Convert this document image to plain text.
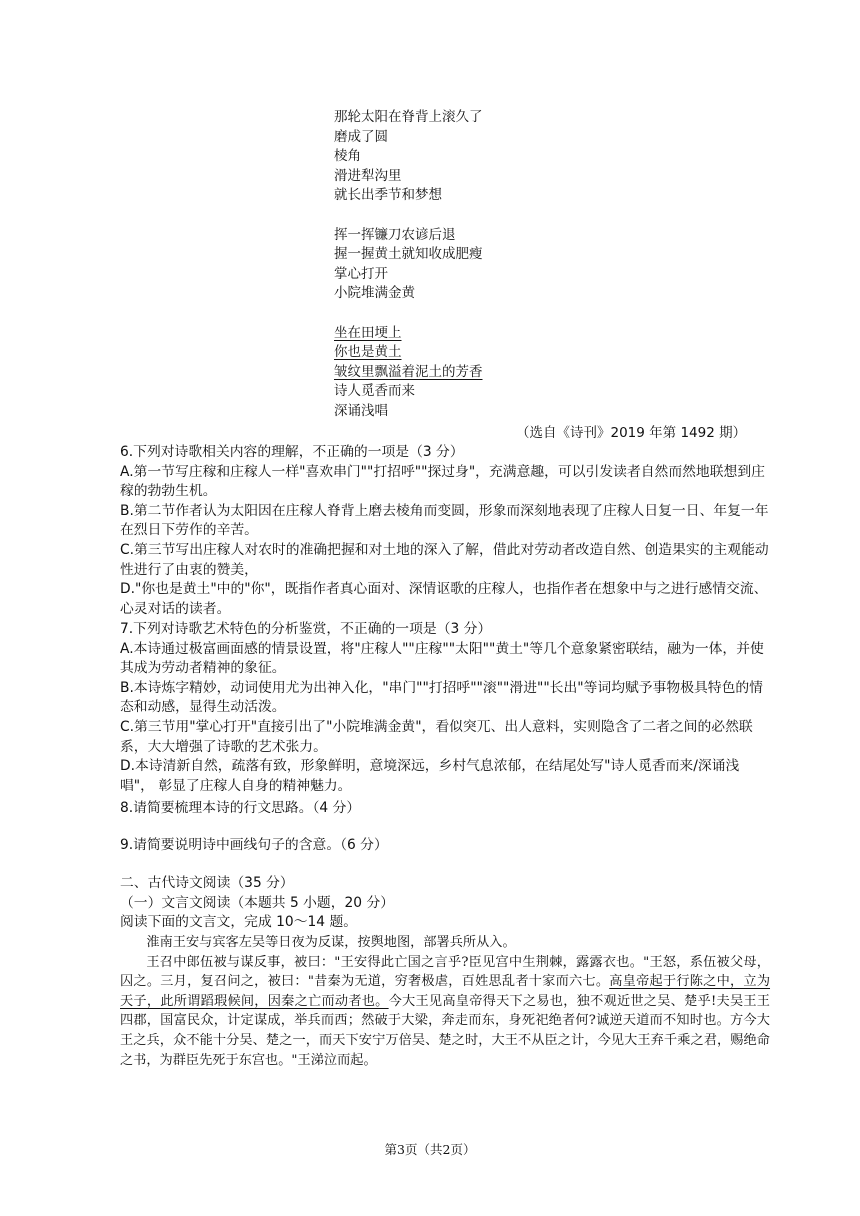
那轮太阳在脊背上滚久了
磨成了圆
棱角
滑进犁沟里
就长出季节和梦想
挥一挥镰刀农谚后退
握一握黄土就知收成肥瘦
掌心打开
小院堆满金黄
坐在田埂上
你也是黄土
皱纹里飘溢着泥土的芳香
诗人觅香而来
深诵浅唱
（选自《诗刊》2019 年第 1492 期）

6.下列对诗歌相关内容的理解，不正确的一项是（3 分）

A.第一节写庄稼和庄稼人一样"喜欢串门""打招呼""探过身"，充满意趣，可以引发读者自然而然地联想到庄稼的勃勃生机。

B.第二节作者认为太阳因在庄稼人脊背上磨去棱角而变圆，形象而深刻地表现了庄稼人日复一日、年复一年在烈日下劳作的辛苦。

C.第三节写出庄稼人对农时的准确把握和对土地的深入了解，借此对劳动者改造自然、创造果实的主观能动性进行了由衷的赞美，

D."你也是黄土"中的"你"，既指作者真心面对、深情讴歌的庄稼人，也指作者在想象中与之进行感情交流、心灵对话的读者。

7.下列对诗歌艺术特色的分析鉴赏，不正确的一项是（3 分）

A.本诗通过极富画面感的情景设置，将"庄稼人""庄稼""太阳""黄土"等几个意象紧密联结，融为一体，并使其成为劳动者精神的象征。

B.本诗炼字精妙，动词使用尤为出神入化，"串门""打招呼""滚""滑进""长出"等词均赋予事物极具特色的情态和动感，显得生动活泼。

C.第三节用"掌心打开"直接引出了"小院堆满金黄"，看似突兀、出人意料，实则隐含了二者之间的必然联系，大大增强了诗歌的艺术张力。

D.本诗清新自然，疏落有致，形象鲜明，意境深远，乡村气息浓郁，在结尾处写"诗人觅香而来/深诵浅唱"， 彰显了庄稼人自身的精神魅力。

8.请简要梳理本诗的行文思路。（4 分）

9.请简要说明诗中画线句子的含意。（6 分）

二、古代诗文阅读（35 分）

（一）文言文阅读（本题共 5 小题，20 分）

阅读下面的文言文，完成 10～14 题。

淮南王安与宾客左吴等日夜为反谋，按舆地图，部署兵所从入。

王召中郎伍被与谋反事，被曰："王安得此亡国之言乎?臣见宫中生荆棘，露露衣也。"王怒，系伍被父母，囚之。三月，复召问之，被曰："昔秦为无道，穷奢极虐，百姓思乱者十家而六七。高皇帝起于行陈之中，立为天子，此所谓蹈瑕候间，因秦之亡而动者也。今大王见高皇帝得天下之易也，独不观近世之吴、楚乎!夫吴王王四郡，国富民众，计定谋成，举兵而西；然破于大梁，奔走而东，身死祀绝者何?诚逆天道而不知时也。方今大王之兵，众不能十分吴、楚之一，而天下安宁万倍吴、楚之时，大王不从臣之计，今见大王弃千乘之君，赐绝命之书，为群臣先死于东宫也。"王涕泣而起。

第3页（共2页）
